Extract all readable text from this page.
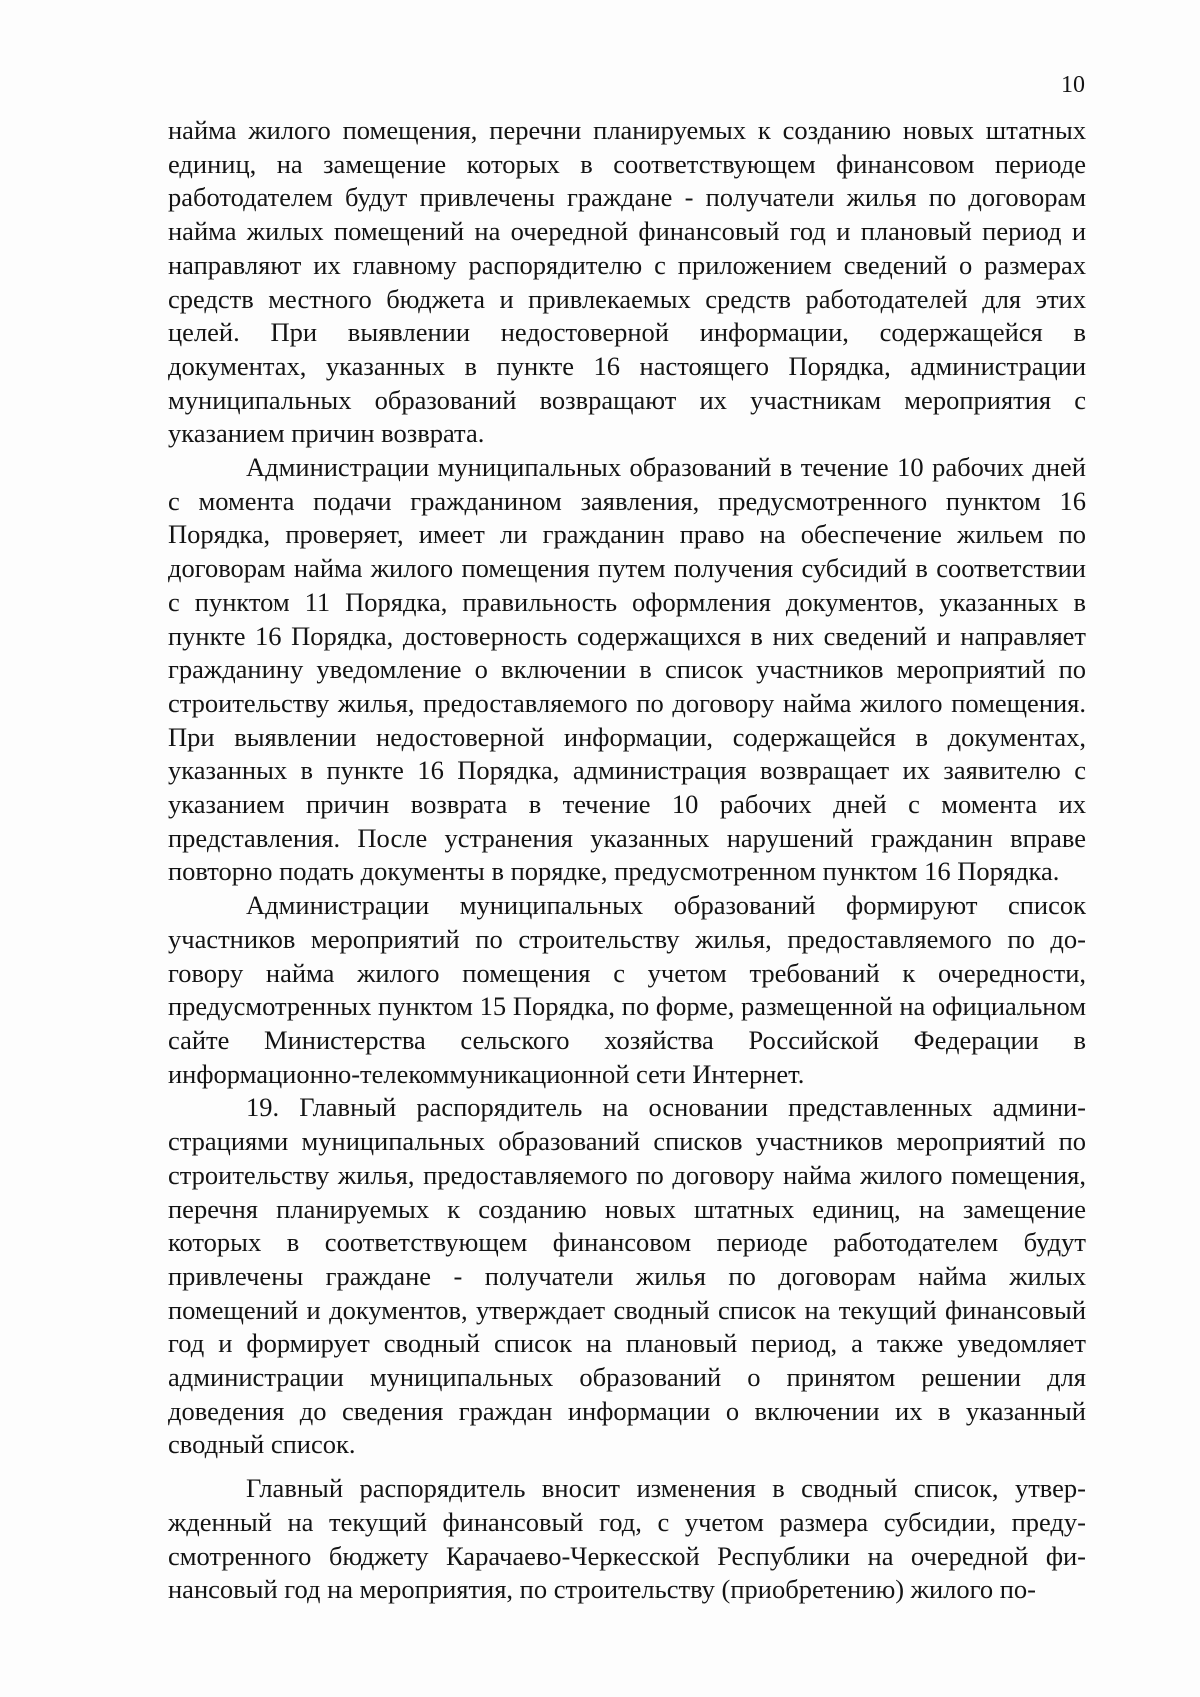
10

найма жилого помещения, перечни планируемых к созданию новых штатных единиц, на замещение которых в соответствующем финансовом периоде работодателем будут привлечены граждане - получатели жилья по договорам найма жилых помещений на очередной финансовый год и плановый период и направляют их главному распорядителю с приложением сведений о размерах средств местного бюджета и привлекаемых средств работодателей для этих целей. При выявлении недостоверной информации, содержащейся в документах, указанных в пункте 16 настоящего Порядка, администрации муниципальных образований возвращают их участникам мероприятия с указанием причин возврата.

Администрации муниципальных образований в течение 10 рабочих дней с момента подачи гражданином заявления, предусмотренного пунктом 16 Порядка, проверяет, имеет ли гражданин право на обеспечение жильем по договорам найма жилого помещения путем получения субсидий в соответствии с пунктом 11 Порядка, правильность оформления документов, указанных в пункте 16 Порядка, достоверность содержащихся в них сведений и направляет гражданину уведомление о включении в список участников мероприятий по строительству жилья, предоставляемого по договору найма жилого помещения. При выявлении недостоверной информации, содержащейся в документах, указанных в пункте 16 Порядка, администрация возвращает их заявителю с указанием причин возврата в течение 10 рабочих дней с момента их представления. После устранения указанных нарушений гражданин вправе повторно подать документы в порядке, предусмотренном пунктом 16 Порядка.

Администрации муниципальных образований формируют список участников мероприятий по строительству жилья, предоставляемого по договору найма жилого помещения с учетом требований к очередности, предусмотренных пунктом 15 Порядка, по форме, размещенной на официальном сайте Министерства сельского хозяйства Российской Федерации в информационно-телекоммуникационной сети Интернет.

19. Главный распорядитель на основании представленных администрациями муниципальных образований списков участников мероприятий по строительству жилья, предоставляемого по договору найма жилого помещения, перечня планируемых к созданию новых штатных единиц, на замещение которых в соответствующем финансовом периоде работодателем будут привлечены граждане - получатели жилья по договорам найма жилых помещений и документов, утверждает сводный список на текущий финансовый год и формирует сводный список на плановый период, а также уведомляет администрации муниципальных образований о принятом решении для доведения до сведения граждан информации о включении их в указанный сводный список.

Главный распорядитель вносит изменения в сводный список, утвержденный на текущий финансовый год, с учетом размера субсидии, предусмотренного бюджету Карачаево-Черкесской Республики на очередной финансовый год на мероприятия, по строительству (приобретению) жилого по-
